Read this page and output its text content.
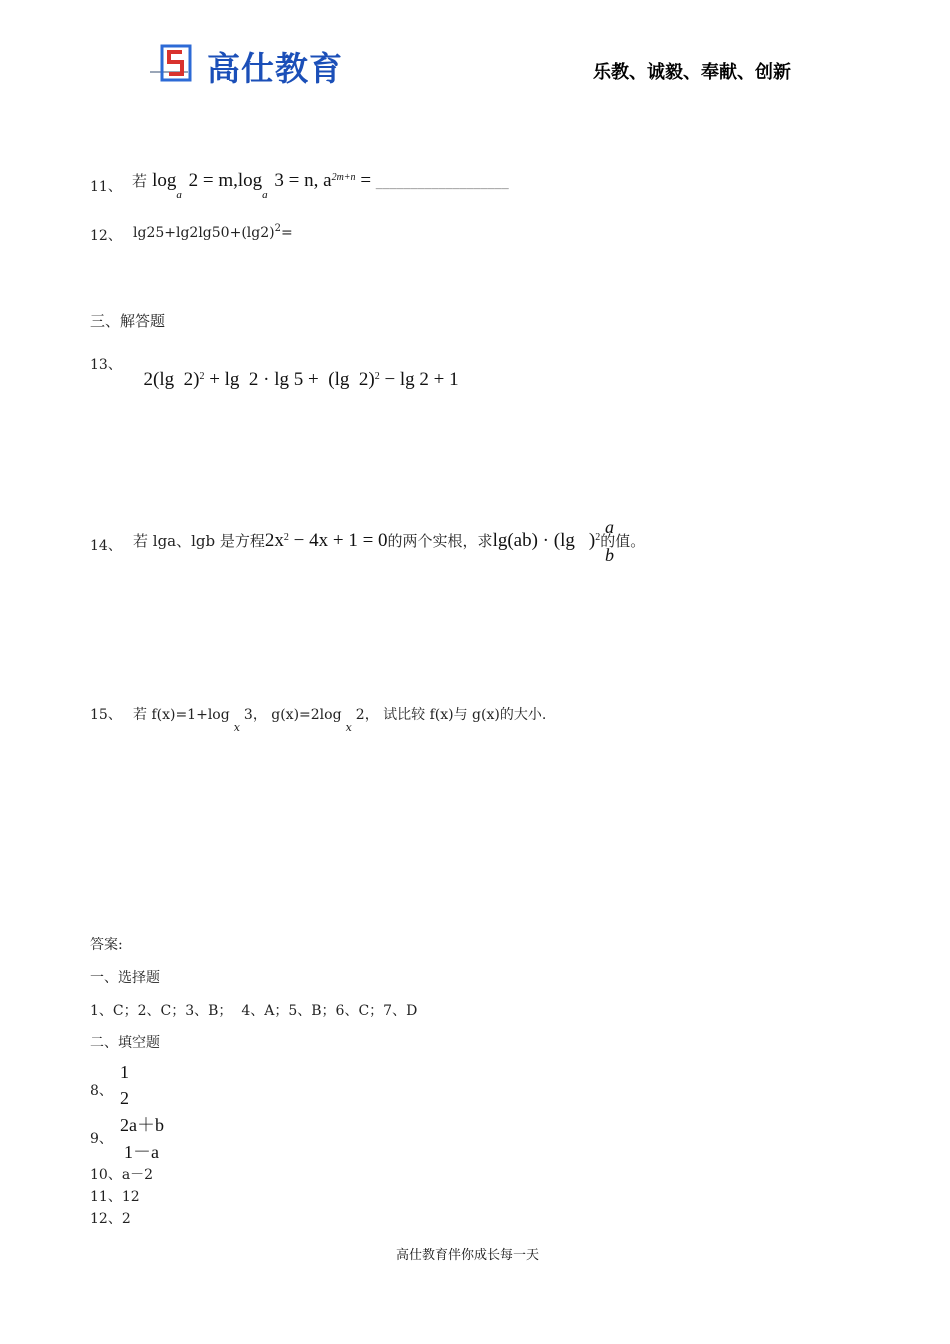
高仕教育	乐教、诚毅、奉献、创新
11、 若 $\log_a 2 = m,\log_a$ 3 = n, $a^{2m+n}$ = ___________________
12、 $\lg 25+\lg 2\lg 50+(\lg 2)^2=$
三、解答题
13、

2(lg  2)$^2$ + lg  2 · lg 5 +  (lg  2)$^2$ − lg 2 + 1

14、 若 lga、lgb 是方程$2x^2 - 4x + 1 = 0$的两个实根，求lg(ab) · (lg )$^2$的值。
a
b
15、 若 $f(x)=1+\log_x3$， $g(x)=2\log_x2$， 试比较 f(x)与 g(x)的大小.
答案:
一、选择题
1、C；2、C；3、B；  4、A；5、B；6、C；7、D
二、填空题
8、
1
2
9、
2a＋b
1－a
10、a－2
11、12
12、2
高仕教育伴你成长每一天
